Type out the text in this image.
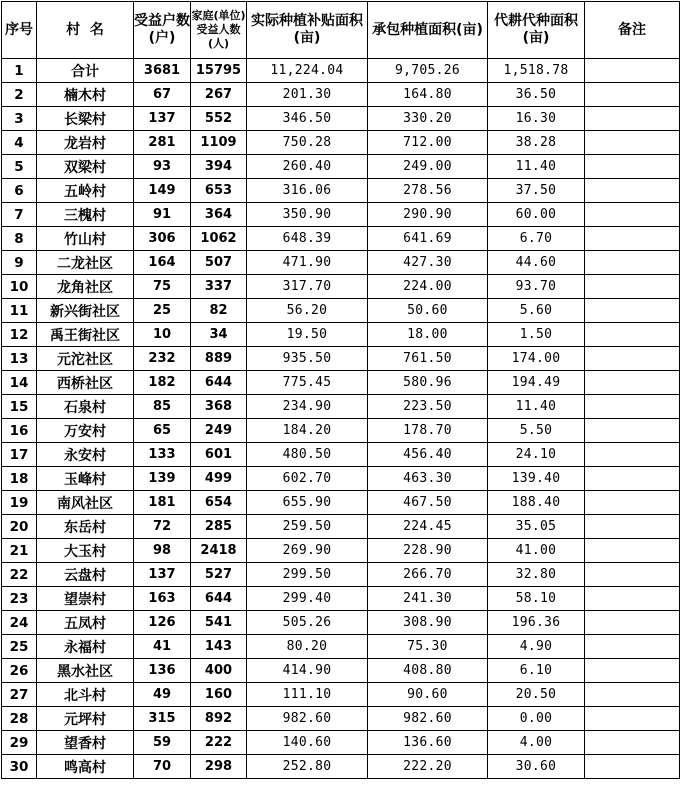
序号	村  名	受益户数(户)	家庭(单位)受益人数(人)	实际种植补贴面积(亩)	承包种植面积(亩)	代耕代种面积(亩)	备注
1	合计	3681	15795	11,224.04	9,705.26	1,518.78	
2	楠木村	67	267	201.30	164.80	36.50	
3	长梁村	137	552	346.50	330.20	16.30	
4	龙岩村	281	1109	750.28	712.00	38.28	
5	双梁村	93	394	260.40	249.00	11.40	
6	五岭村	149	653	316.06	278.56	37.50	
7	三槐村	91	364	350.90	290.90	60.00	
8	竹山村	306	1062	648.39	641.69	6.70	
9	二龙社区	164	507	471.90	427.30	44.60	
10	龙角社区	75	337	317.70	224.00	93.70	
11	新兴街社区	25	82	56.20	50.60	5.60	
12	禹王街社区	10	34	19.50	18.00	1.50	
13	元沱社区	232	889	935.50	761.50	174.00	
14	西桥社区	182	644	775.45	580.96	194.49	
15	石泉村	85	368	234.90	223.50	11.40	
16	万安村	65	249	184.20	178.70	5.50	
17	永安村	133	601	480.50	456.40	24.10	
18	玉峰村	139	499	602.70	463.30	139.40	
19	南风社区	181	654	655.90	467.50	188.40	
20	东岳村	72	285	259.50	224.45	35.05	
21	大玉村	98	2418	269.90	228.90	41.00	
22	云盘村	137	527	299.50	266.70	32.80	
23	望崇村	163	644	299.40	241.30	58.10	
24	五凤村	126	541	505.26	308.90	196.36	
25	永福村	41	143	80.20	75.30	4.90	
26	黑水社区	136	400	414.90	408.80	6.10	
27	北斗村	49	160	111.10	90.60	20.50	
28	元坪村	315	892	982.60	982.60	0.00	
29	望香村	59	222	140.60	136.60	4.00	
30	鸣高村	70	298	252.80	222.20	30.60	
